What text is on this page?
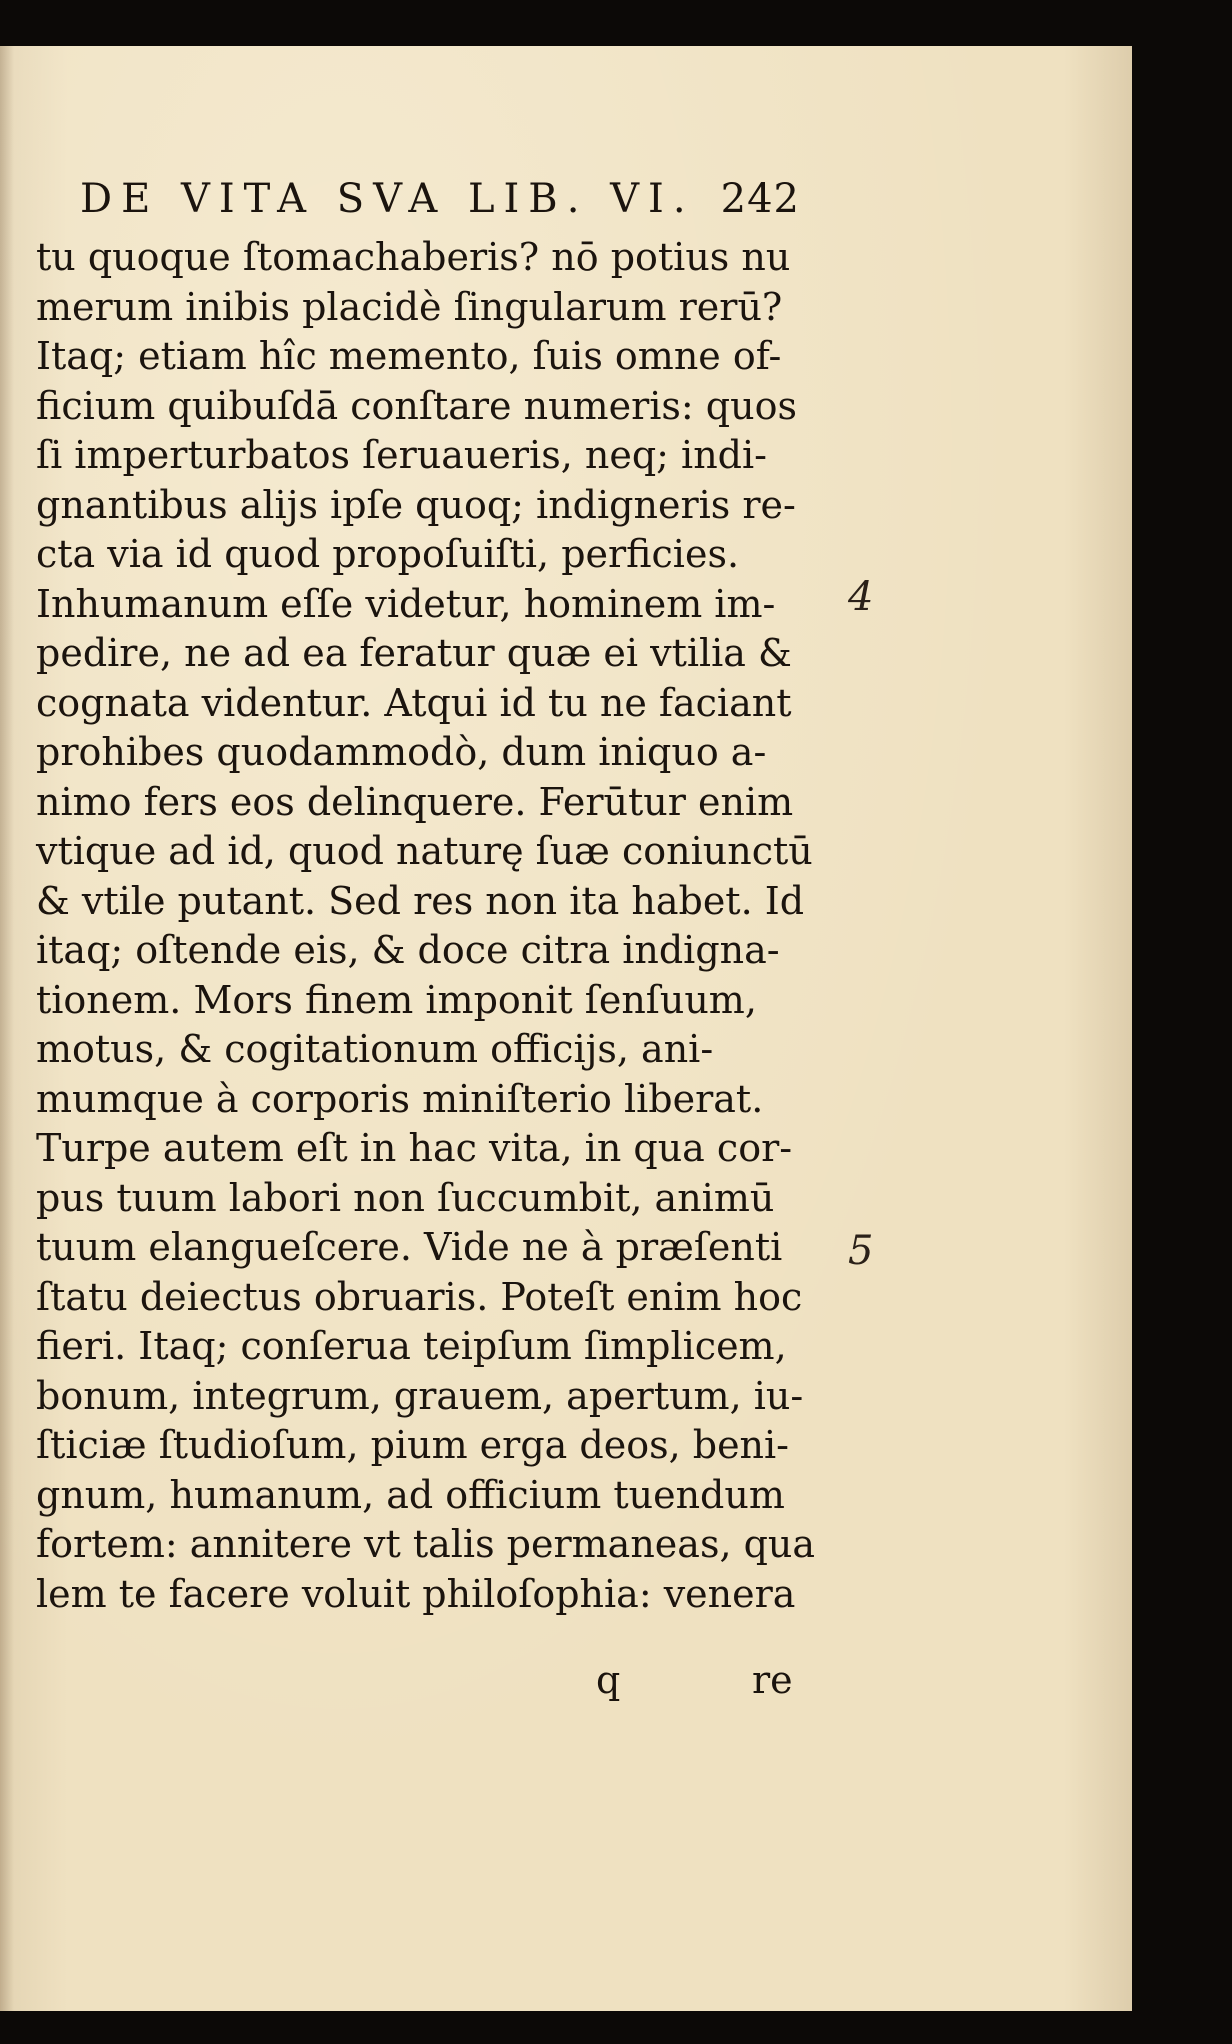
DE VITA SVA LIB. VI. 242
tu quoque ſtomachaberis? nō potius nu
merum inibis placidè ſingularum rerū?
Itaq; etiam hîc memento, ſuis omne of-
ficium quibuſdā conſtare numeris: quos
ſi imperturbatos ſeruaueris, neq; indi-
gnantibus alijs ipſe quoq; indigneris re-
cta via id quod propoſuiſti, perficies.
Inhumanum eſſe videtur, hominem im-
pedire, ne ad ea feratur quæ ei vtilia &
cognata videntur. Atqui id tu ne faciant
prohibes quodammodò, dum iniquo a-
nimo fers eos delinquere. Ferūtur enim
vtique ad id, quod naturę ſuæ coniunctū
& vtile putant. Sed res non ita habet. Id
itaq; oſtende eis, & doce citra indigna-
tionem. Mors finem imponit ſenſuum,
motus, & cogitationum officijs, ani-
mumque à corporis miniſterio liberat.
Turpe autem eſt in hac vita, in qua cor-
pus tuum labori non ſuccumbit, animū
tuum elangueſcere. Vide ne à præſenti
ſtatu deiectus obruaris. Poteſt enim hoc
fieri. Itaq; conſerua teipſum ſimplicem,
bonum, integrum, grauem, apertum, iu-
ſticiæ ſtudioſum, pium erga deos, beni-
gnum, humanum, ad officium tuendum
fortem: annitere vt talis permaneas, qua
lem te facere voluit philoſophia: venera
4
5
q	re
